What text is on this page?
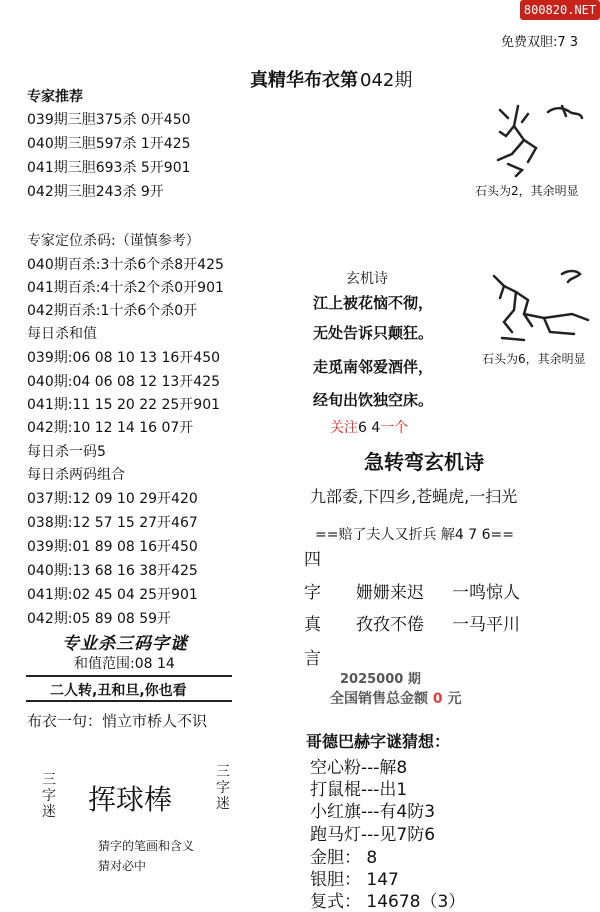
800820.NET
免费双胆:7 3
真精华布衣第 042期
专家推荐
039期三胆375杀 0开450
040期三胆597杀 1开425
041期三胆693杀 5开901
042期三胆243杀 9开
专家定位杀码:（谨慎参考）
040期百杀:3十杀6个杀8开425
041期百杀:4十杀2个杀0开901
042期百杀:1十杀6个杀0开
每日杀和值
039期:06 08 10 13 16开450
040期:04 06 08 12 13开425
041期:11 15 20 22 25开901
042期:10 12 14 16 07开
每日杀一码5
每日杀两码组合
037期:12 09 10 29开420
038期:12 57 15 27开467
039期:01 89 08 16开450
040期:13 68 16 38开425
041期:02 45 04 25开901
042期:05 89 08 59开
专业杀三码字谜
和值范围:08 14
二人转,丑和旦,你也看
布衣一句：悄立市桥人不识
三字迷 挥球棒
三字迷
猜字的笔画和含义
猜对必中
石头为2，其余明显
玄机诗
江上被花恼不彻，
无处告诉只颠狂。
走觅南邻爱酒伴，
经旬出饮独空床。
石头为6，其余明显
关注6 4一个
急转弯玄机诗
九部委,下四乡,苍蝇虎,一扫光
==赔了夫人又折兵 解4 7 6==
四
字 姗姗来迟 一鸣惊人
真 孜孜不倦 一马平川
言
2025000 期
全国销售总金额 0 元
哥德巴赫字谜猜想：
空心粉---解8
打鼠棍---出1
小红旗---有4防3
跑马灯---见7防6
金胆： 8
银胆： 147
复式： 14678（3）
